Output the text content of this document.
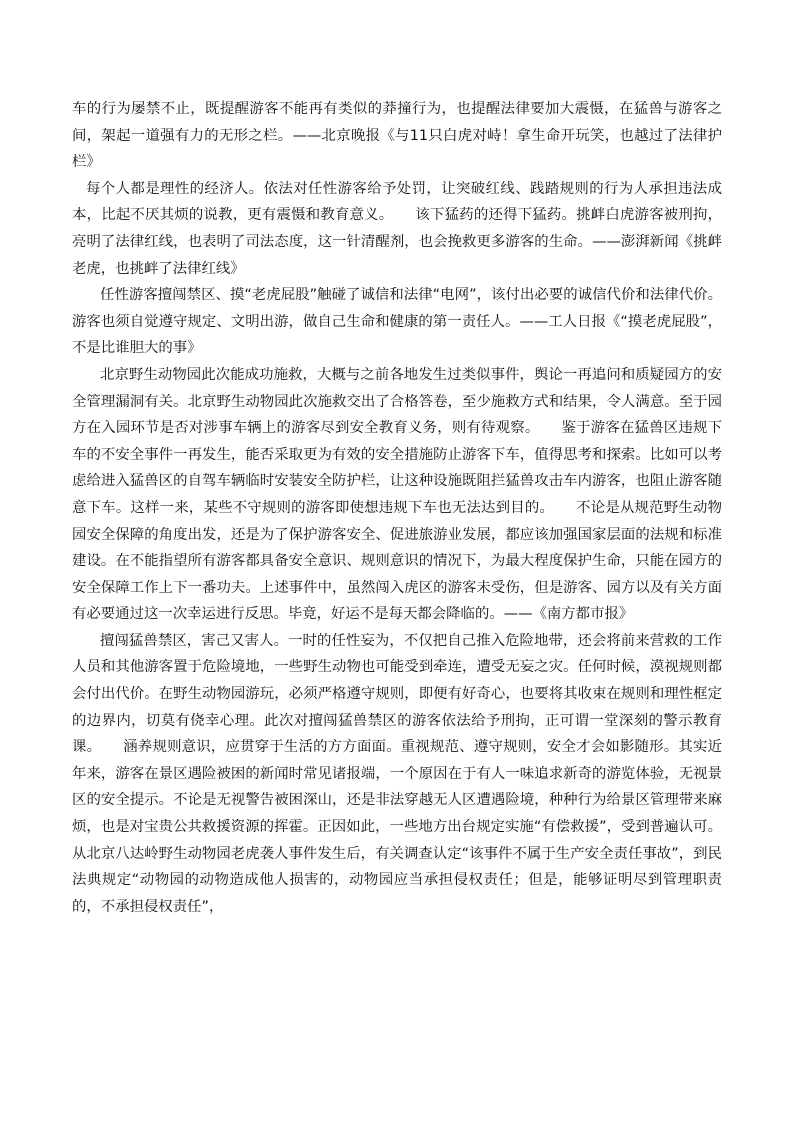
车的行为屡禁不止，既提醒游客不能再有类似的莽撞行为，也提醒法律要加大震慑，在猛兽与游客之间，架起一道强有力的无形之栏。——北京晚报《与11只白虎对峙！拿生命开玩笑，也越过了法律护栏》

每个人都是理性的经济人。依法对任性游客给予处罚，让突破红线、践踏规则的行为人承担违法成本，比起不厌其烦的说教，更有震慑和教育意义。　　该下猛药的还得下猛药。挑衅白虎游客被刑拘，亮明了法律红线，也表明了司法态度，这一针清醒剂，也会挽救更多游客的生命。——澎湃新闻《挑衅老虎，也挑衅了法律红线》

任性游客擅闯禁区、摸“老虎屁股”触碰了诚信和法律“电网”，该付出必要的诚信代价和法律代价。游客也须自觉遵守规定、文明出游，做自己生命和健康的第一责任人。——工人日报《“摸老虎屁股”，不是比谁胆大的事》

北京野生动物园此次能成功施救，大概与之前各地发生过类似事件，舆论一再追问和质疑园方的安全管理漏洞有关。北京野生动物园此次施救交出了合格答卷，至少施救方式和结果，令人满意。至于园方在入园环节是否对涉事车辆上的游客尽到安全教育义务，则有待观察。　　鉴于游客在猛兽区违规下车的不安全事件一再发生，能否采取更为有效的安全措施防止游客下车，值得思考和探索。比如可以考虑给进入猛兽区的自驾车辆临时安装安全防护栏，让这种设施既阻拦猛兽攻击车内游客，也阻止游客随意下车。这样一来，某些不守规则的游客即使想违规下车也无法达到目的。　　不论是从规范野生动物园安全保障的角度出发，还是为了保护游客安全、促进旅游业发展，都应该加强国家层面的法规和标准建设。在不能指望所有游客都具备安全意识、规则意识的情况下，为最大程度保护生命，只能在园方的安全保障工作上下一番功夫。上述事件中，虽然闯入虎区的游客未受伤，但是游客、园方以及有关方面有必要通过这一次幸运进行反思。毕竟，好运不是每天都会降临的。——《南方都市报》

擅闯猛兽禁区，害己又害人。一时的任性妄为，不仅把自己推入危险地带，还会将前来营救的工作人员和其他游客置于危险境地，一些野生动物也可能受到牵连，遭受无妄之灾。任何时候，漠视规则都会付出代价。在野生动物园游玩，必须严格遵守规则，即便有好奇心，也要将其收束在规则和理性框定的边界内，切莫有侥幸心理。此次对擅闯猛兽禁区的游客依法给予刑拘，正可谓一堂深刻的警示教育课。　　涵养规则意识，应贯穿于生活的方方面面。重视规范、遵守规则，安全才会如影随形。其实近年来，游客在景区遇险被困的新闻时常见诸报端，一个原因在于有人一味追求新奇的游览体验，无视景区的安全提示。不论是无视警告被困深山，还是非法穿越无人区遭遇险境，种种行为给景区管理带来麻烦，也是对宝贵公共救援资源的挥霍。正因如此，一些地方出台规定实施“有偿救援”，受到普遍认可。从北京八达岭野生动物园老虎袭人事件发生后，有关调查认定“该事件不属于生产安全责任事故”，到民法典规定“动物园的动物造成他人损害的，动物园应当承担侵权责任；但是，能够证明尽到管理职责的，不承担侵权责任”，
